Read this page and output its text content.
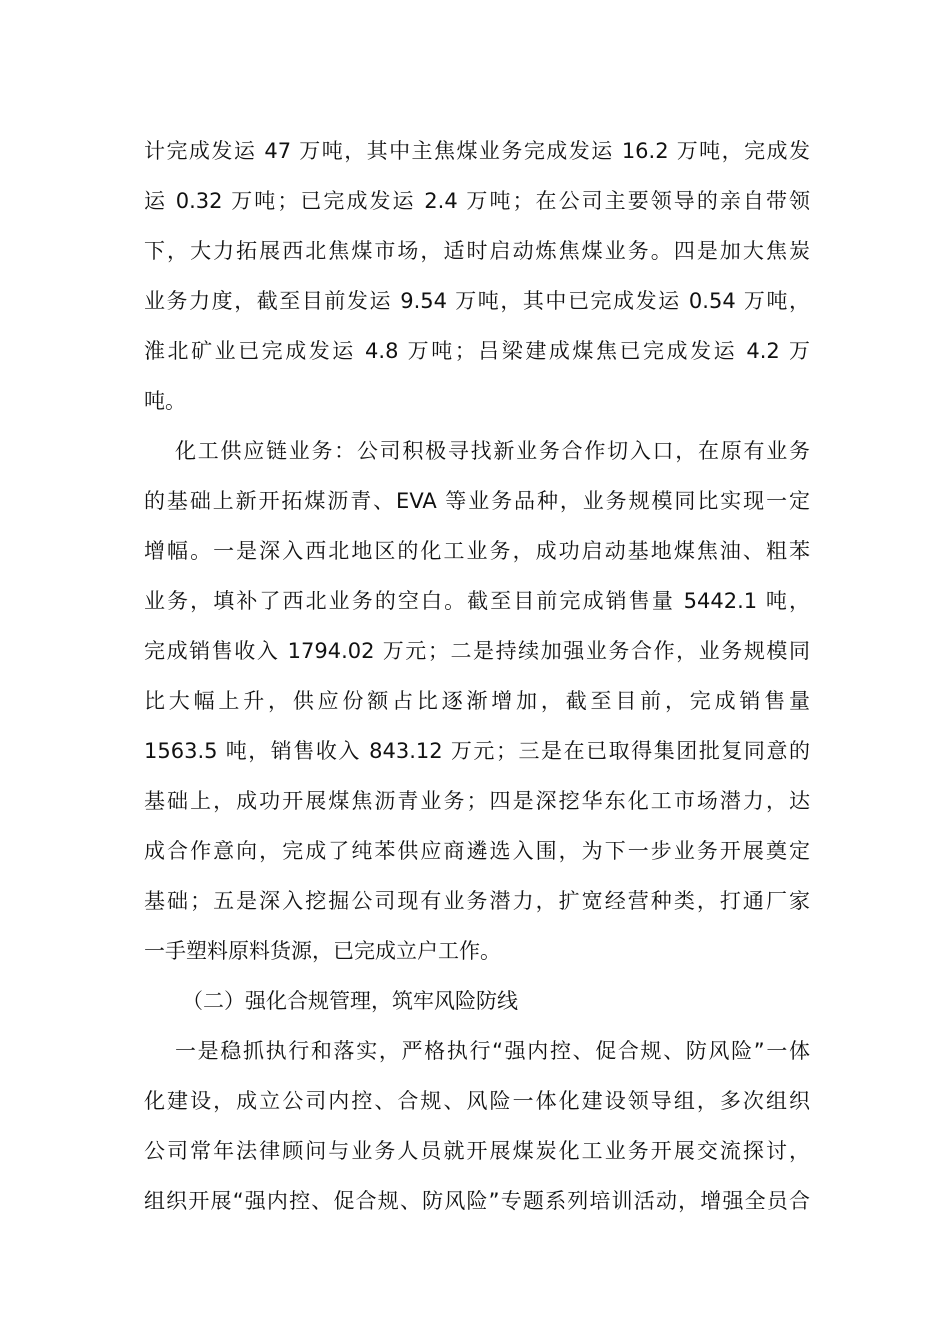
计完成发运 47 万吨，其中主焦煤业务完成发运 16.2 万吨，完成发
运 0.32 万吨；已完成发运 2.4 万吨；在公司主要领导的亲自带领
下，大力拓展西北焦煤市场，适时启动炼焦煤业务。四是加大焦炭
业务力度，截至目前发运 9.54 万吨，其中已完成发运 0.54 万吨，
淮北矿业已完成发运 4.8 万吨；吕梁建成煤焦已完成发运 4.2 万
吨。
化工供应链业务：公司积极寻找新业务合作切入口，在原有业务
的基础上新开拓煤沥青、EVA 等业务品种，业务规模同比实现一定
增幅。一是深入西北地区的化工业务，成功启动基地煤焦油、粗苯
业务，填补了西北业务的空白。截至目前完成销售量 5442.1 吨，
完成销售收入 1794.02 万元；二是持续加强业务合作，业务规模同
比大幅上升，供应份额占比逐渐增加，截至目前，完成销售量
1563.5 吨，销售收入 843.12 万元；三是在已取得集团批复同意的
基础上，成功开展煤焦沥青业务；四是深挖华东化工市场潜力，达
成合作意向，完成了纯苯供应商遴选入围，为下一步业务开展奠定
基础；五是深入挖掘公司现有业务潜力，扩宽经营种类，打通厂家
一手塑料原料货源，已完成立户工作。
（二）强化合规管理，筑牢风险防线
一是稳抓执行和落实，严格执行“强内控、促合规、防风险”一体
化建设，成立公司内控、合规、风险一体化建设领导组，多次组织
公司常年法律顾问与业务人员就开展煤炭化工业务开展交流探讨，
组织开展“强内控、促合规、防风险”专题系列培训活动，增强全员合
